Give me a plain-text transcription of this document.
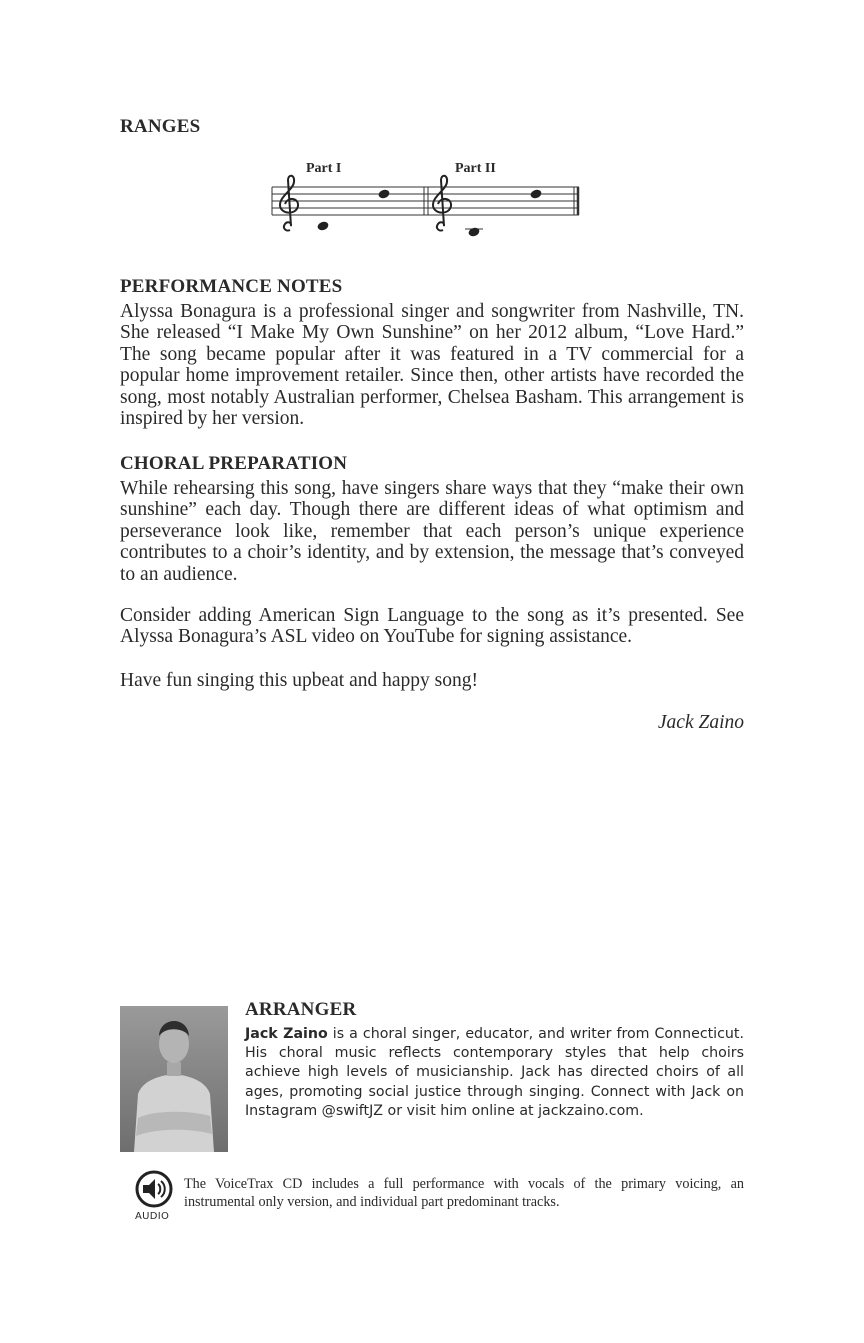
RANGES
Part I	Part II
PERFORMANCE NOTES

Alyssa Bonagura is a professional singer and songwriter from Nashville, TN. She released “I Make My Own Sunshine” on her 2012 album, “Love Hard.” The song became popular after it was featured in a TV commercial for a popular home improvement retailer. Since then, other artists have recorded the song, most notably Australian performer, Chelsea Basham. This arrangement is inspired by her version.

CHORAL PREPARATION

While rehearsing this song, have singers share ways that they “make their own sunshine” each day. Though there are different ideas of what optimism and perseverance look like, remember that each person’s unique experience contributes to a choir’s identity, and by extension, the message that’s conveyed to an audience.

Consider adding American Sign Language to the song as it’s presented. See Alyssa Bonagura’s ASL video on YouTube for signing assistance.

Have fun singing this upbeat and happy song!

Jack Zaino
ARRANGER

Jack Zaino is a choral singer, educator, and writer from Connecticut. His choral music reflects contemporary styles that help choirs achieve high levels of musicianship. Jack has directed choirs of all ages, promoting social justice through singing. Connect with Jack on Instagram @swiftJZ or visit him online at jackzaino.com.

AUDIO

The VoiceTrax CD includes a full performance with vocals of the primary voicing, an instrumental only version, and individual part predominant tracks.
